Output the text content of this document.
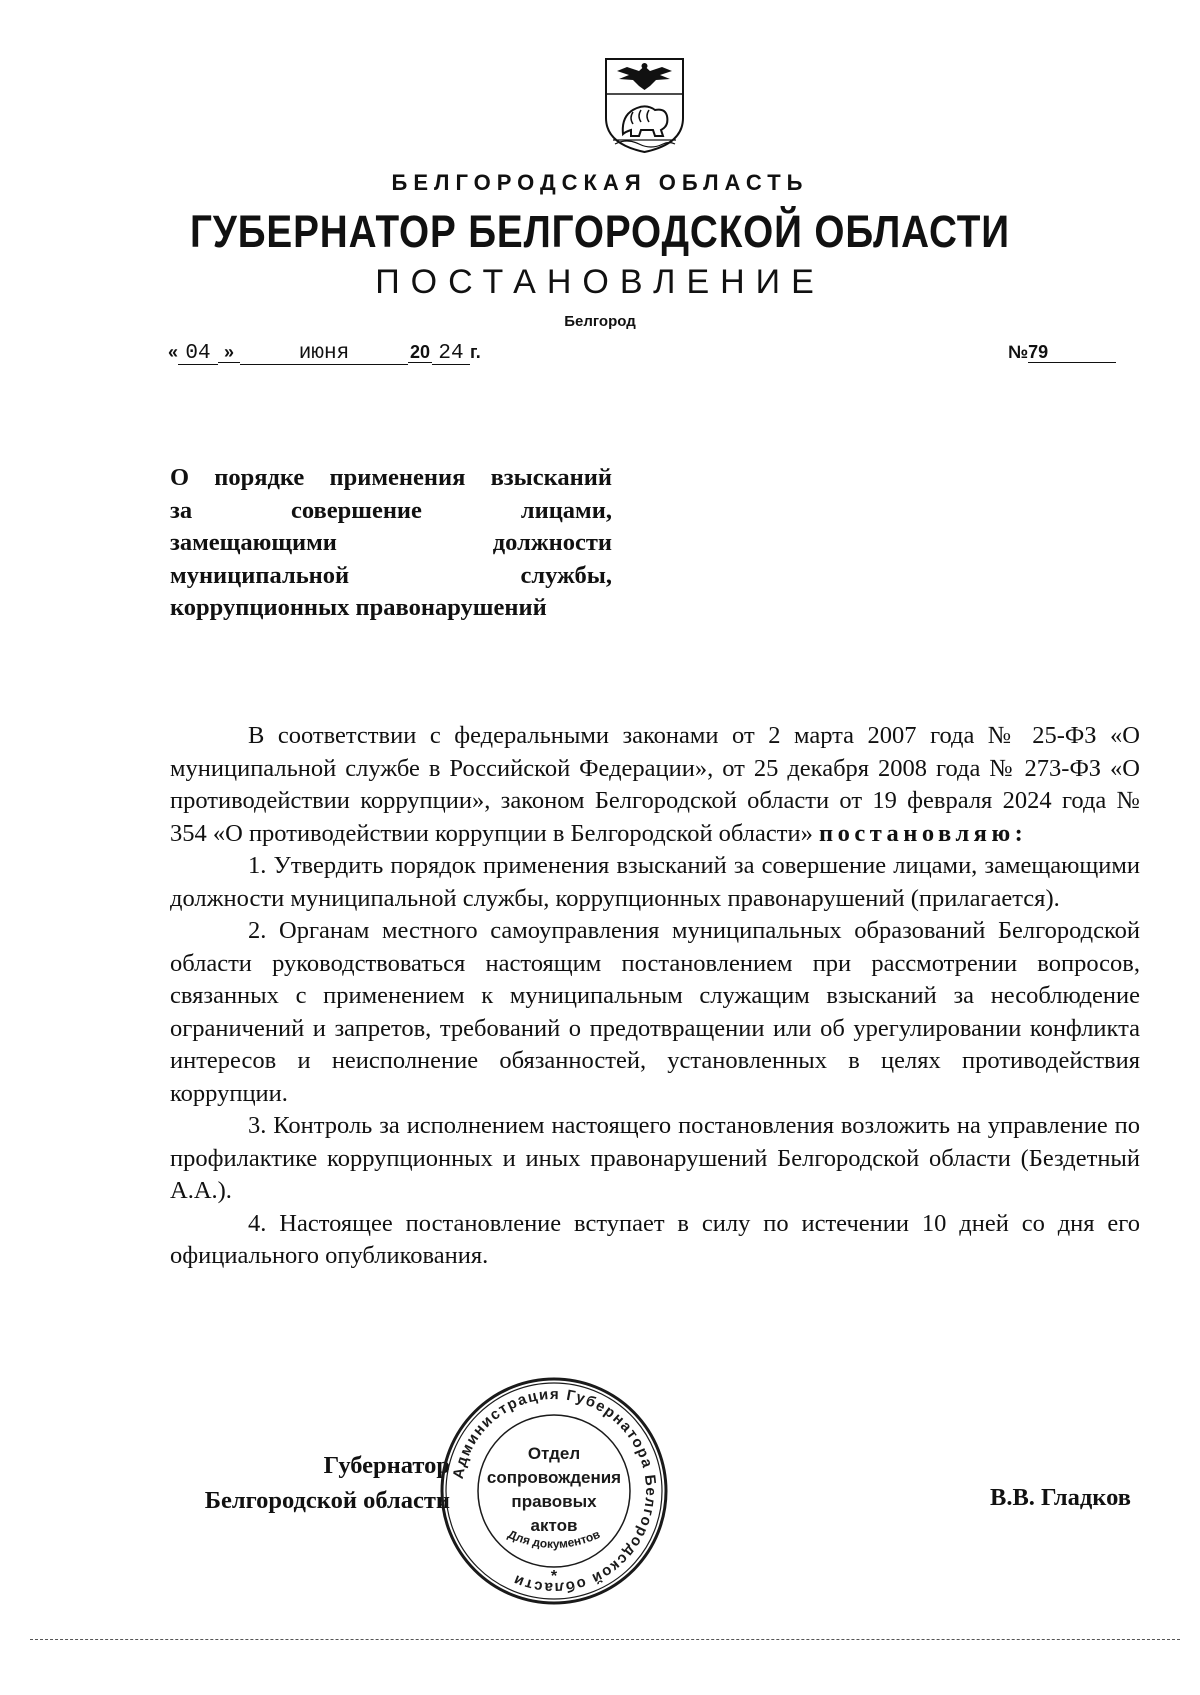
БЕЛГОРОДСКАЯ ОБЛАСТЬ
ГУБЕРНАТОР БЕЛГОРОДСКОЙ ОБЛАСТИ
ПОСТАНОВЛЕНИЕ
Белгород
« 04 »	июня	20 24 г.	№79
О порядке применения взысканий
за совершение лицами,
замещающими должности
муниципальной службы,
коррупционных правонарушений

В соответствии с федеральными законами от 2 марта 2007 года № 25-ФЗ «О муниципальной службе в Российской Федерации», от 25 декабря 2008 года № 273-ФЗ «О противодействии коррупции», законом Белгородской области от 19 февраля 2024 года № 354 «О противодействии коррупции в Белгородской области» постановляю:

1. Утвердить порядок применения взысканий за совершение лицами, замещающими должности муниципальной службы, коррупционных правонарушений (прилагается).

2. Органам местного самоуправления муниципальных образований Белгородской области руководствоваться настоящим постановлением при рассмотрении вопросов, связанных с применением к муниципальным служащим взысканий за несоблюдение ограничений и запретов, требований о предотвращении или об урегулировании конфликта интересов и неисполнение обязанностей, установленных в целях противодействия коррупции.

3. Контроль за исполнением настоящего постановления возложить на управление по профилактике коррупционных и иных правонарушений Белгородской области (Бездетный А.А.).

4. Настоящее постановление вступает в силу по истечении 10 дней со дня его официального опубликования.

Губернатор
Белгородской области	В.В. Гладков
Администрация Губернатора Белгородской области
Отдел
сопровождения
правовых
актов
Для документов
*
